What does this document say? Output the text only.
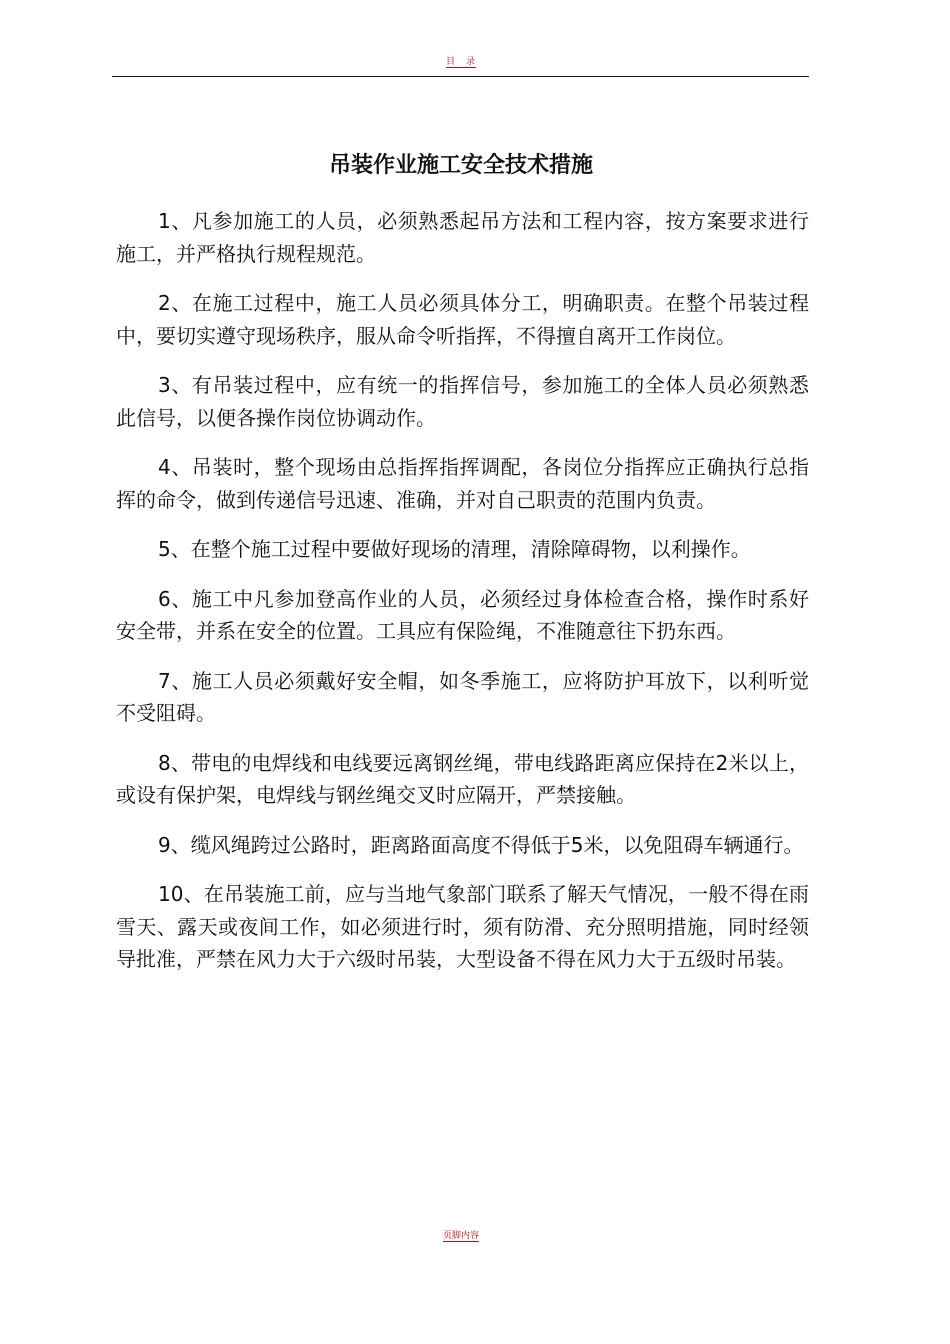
目　录
吊装作业施工安全技术措施

1、凡参加施工的人员，必须熟悉起吊方法和工程内容，按方案要求进行施工，并严格执行规程规范。

2、在施工过程中，施工人员必须具体分工，明确职责。在整个吊装过程中，要切实遵守现场秩序，服从命令听指挥，不得擅自离开工作岗位。

3、有吊装过程中，应有统一的指挥信号，参加施工的全体人员必须熟悉此信号，以便各操作岗位协调动作。

4、吊装时，整个现场由总指挥指挥调配，各岗位分指挥应正确执行总指挥的命令，做到传递信号迅速、准确，并对自己职责的范围内负责。

5、在整个施工过程中要做好现场的清理，清除障碍物，以利操作。

6、施工中凡参加登高作业的人员，必须经过身体检查合格，操作时系好安全带，并系在安全的位置。工具应有保险绳，不准随意往下扔东西。

7、施工人员必须戴好安全帽，如冬季施工，应将防护耳放下，以利听觉不受阻碍。

8、带电的电焊线和电线要远离钢丝绳，带电线路距离应保持在2米以上，或设有保护架，电焊线与钢丝绳交叉时应隔开，严禁接触。

9、缆风绳跨过公路时，距离路面高度不得低于5米，以免阻碍车辆通行。

10、在吊装施工前，应与当地气象部门联系了解天气情况，一般不得在雨雪天、露天或夜间工作，如必须进行时，须有防滑、充分照明措施，同时经领导批准，严禁在风力大于六级时吊装，大型设备不得在风力大于五级时吊装。

页脚内容
